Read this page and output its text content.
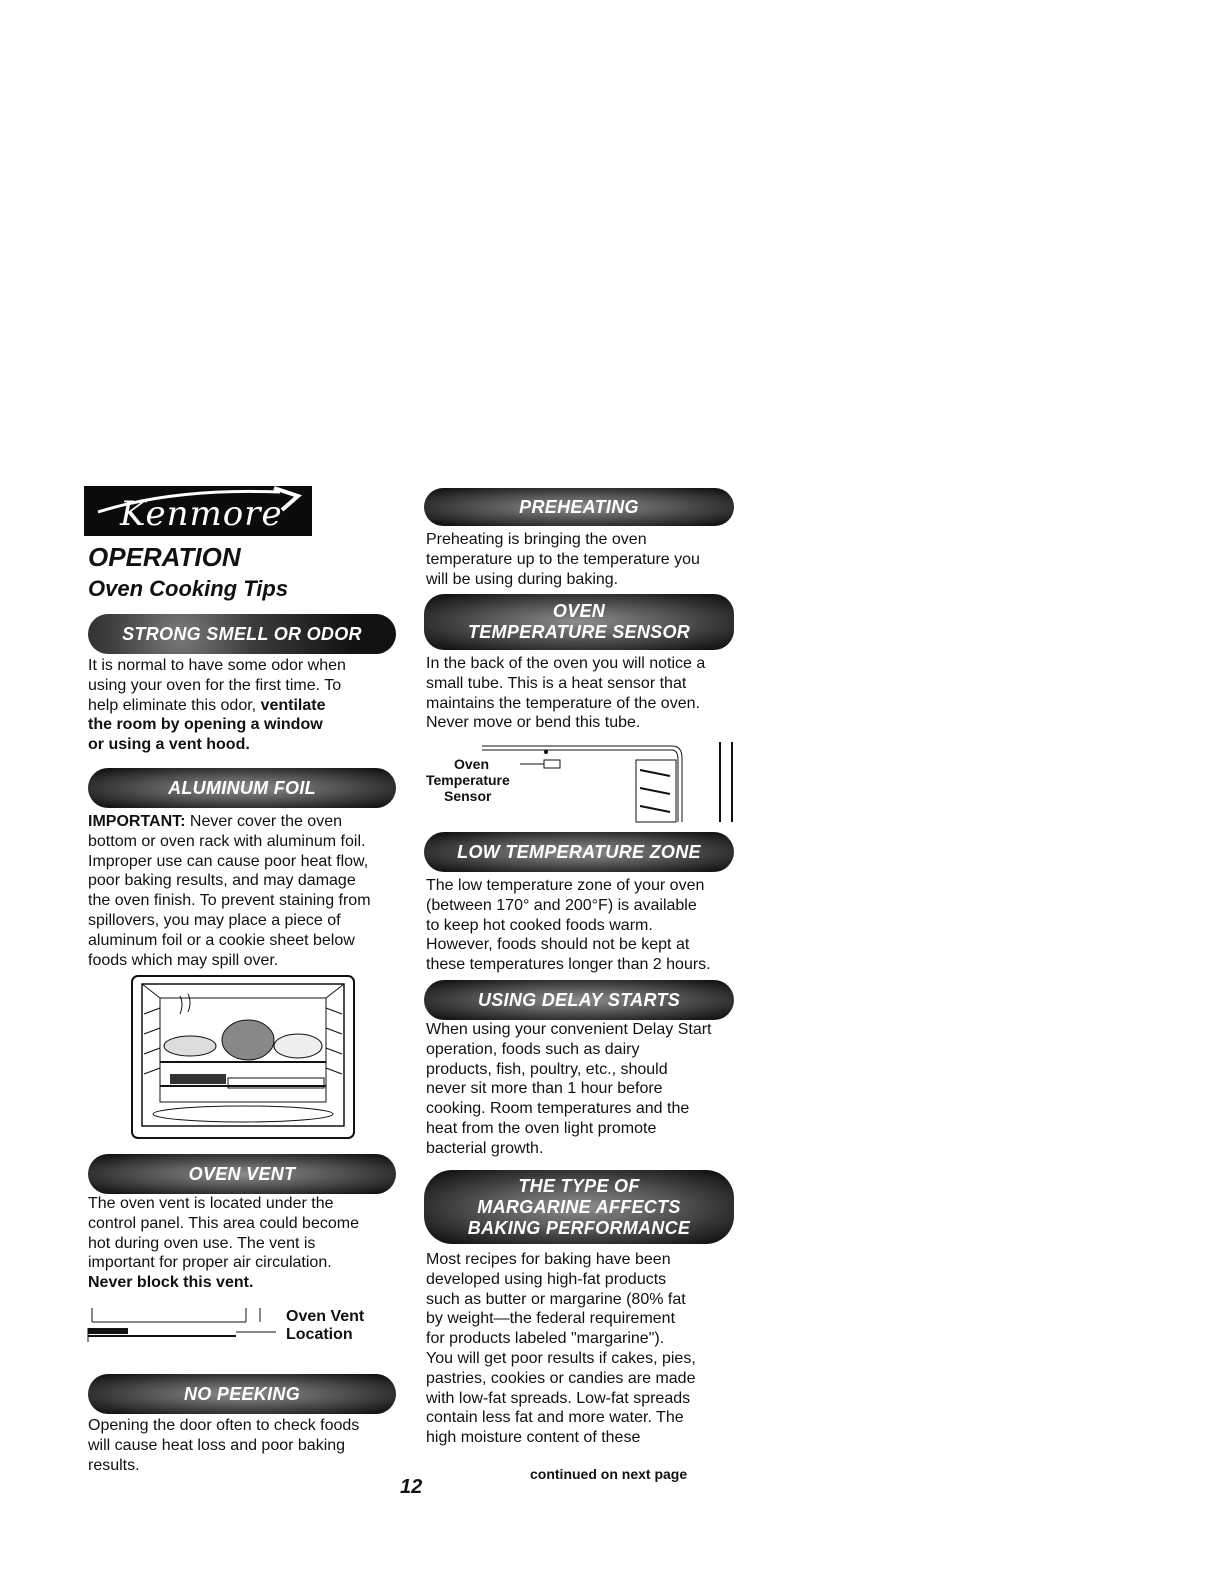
Kenmore
OPERATION
Oven Cooking Tips
STRONG SMELL OR ODOR
It is normal to have some odor when
using your oven for the first time. To
help eliminate this odor, ventilate
the room by opening a window
or using a vent hood.
ALUMINUM FOIL
IMPORTANT: Never cover the oven
bottom or oven rack with aluminum foil.
Improper use can cause poor heat flow,
poor baking results, and may damage
the oven finish. To prevent staining from
spillovers, you may place a piece of
aluminum foil or a cookie sheet below
foods which may spill over.
OVEN VENT
The oven vent is located under the
control panel. This area could become
hot during oven use. The vent is
important for proper air circulation.
Never block this vent.
Oven Vent
Location
NO PEEKING
Opening the door often to check foods
will cause heat loss and poor baking
results.
PREHEATING
Preheating is bringing the oven
temperature up to the temperature you
will be using during baking.
OVEN
TEMPERATURE SENSOR
In the back of the oven you will notice a
small tube. This is a heat sensor that
maintains the temperature of the oven.
Never move or bend this tube.
Oven
Temperature
Sensor
LOW TEMPERATURE ZONE
The low temperature zone of your oven
(between 170° and 200°F) is available
to keep hot cooked foods warm.
However, foods should not be kept at
these temperatures longer than 2 hours.
USING DELAY STARTS
When using your convenient Delay Start
operation, foods such as dairy
products, fish, poultry, etc., should
never sit more than 1 hour before
cooking. Room temperatures and the
heat from the oven light promote
bacterial growth.
THE TYPE OF
MARGARINE AFFECTS
BAKING PERFORMANCE
Most recipes for baking have been
developed using high-fat products
such as butter or margarine (80% fat
by weight—the federal requirement
for products labeled "margarine").
You will get poor results if cakes, pies,
pastries, cookies or candies are made
with low-fat spreads. Low-fat spreads
contain less fat and more water. The
high moisture content of these
12
continued on next page
